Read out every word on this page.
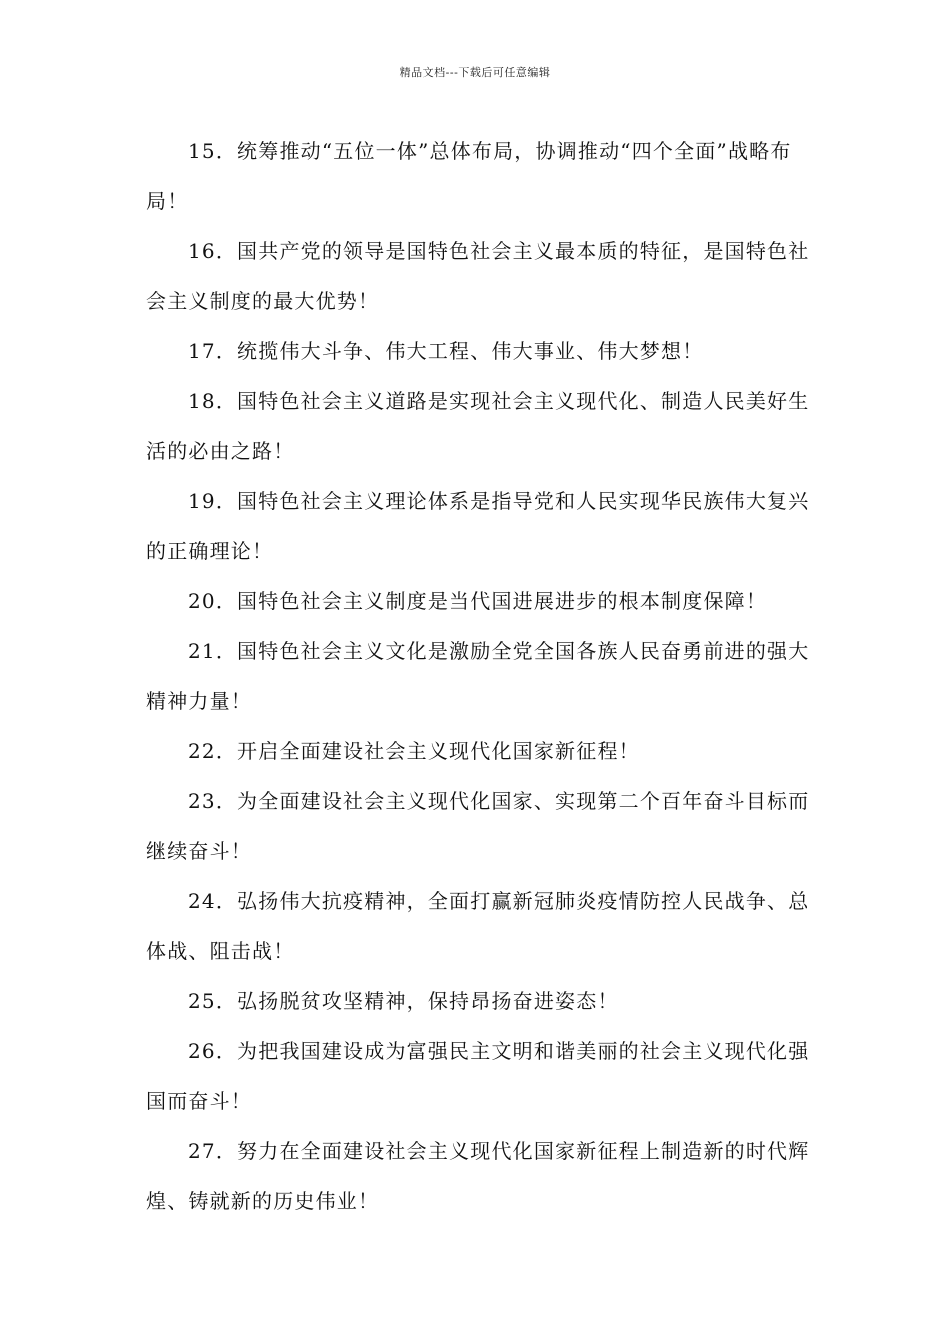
精品文档---下载后可任意编辑

15．统筹推动“五位一体”总体布局，协调推动“四个全面”战略布局！

16．国共产党的领导是国特色社会主义最本质的特征，是国特色社会主义制度的最大优势！

17．统揽伟大斗争、伟大工程、伟大事业、伟大梦想！

18．国特色社会主义道路是实现社会主义现代化、制造人民美好生活的必由之路！

19．国特色社会主义理论体系是指导党和人民实现华民族伟大复兴的正确理论！

20．国特色社会主义制度是当代国进展进步的根本制度保障！

21．国特色社会主义文化是激励全党全国各族人民奋勇前进的强大精神力量！

22．开启全面建设社会主义现代化国家新征程！

23．为全面建设社会主义现代化国家、实现第二个百年奋斗目标而继续奋斗！

24．弘扬伟大抗疫精神，全面打赢新冠肺炎疫情防控人民战争、总体战、阻击战！

25．弘扬脱贫攻坚精神，保持昂扬奋进姿态！

26．为把我国建设成为富强民主文明和谐美丽的社会主义现代化强国而奋斗！

27．努力在全面建设社会主义现代化国家新征程上制造新的时代辉煌、铸就新的历史伟业！
